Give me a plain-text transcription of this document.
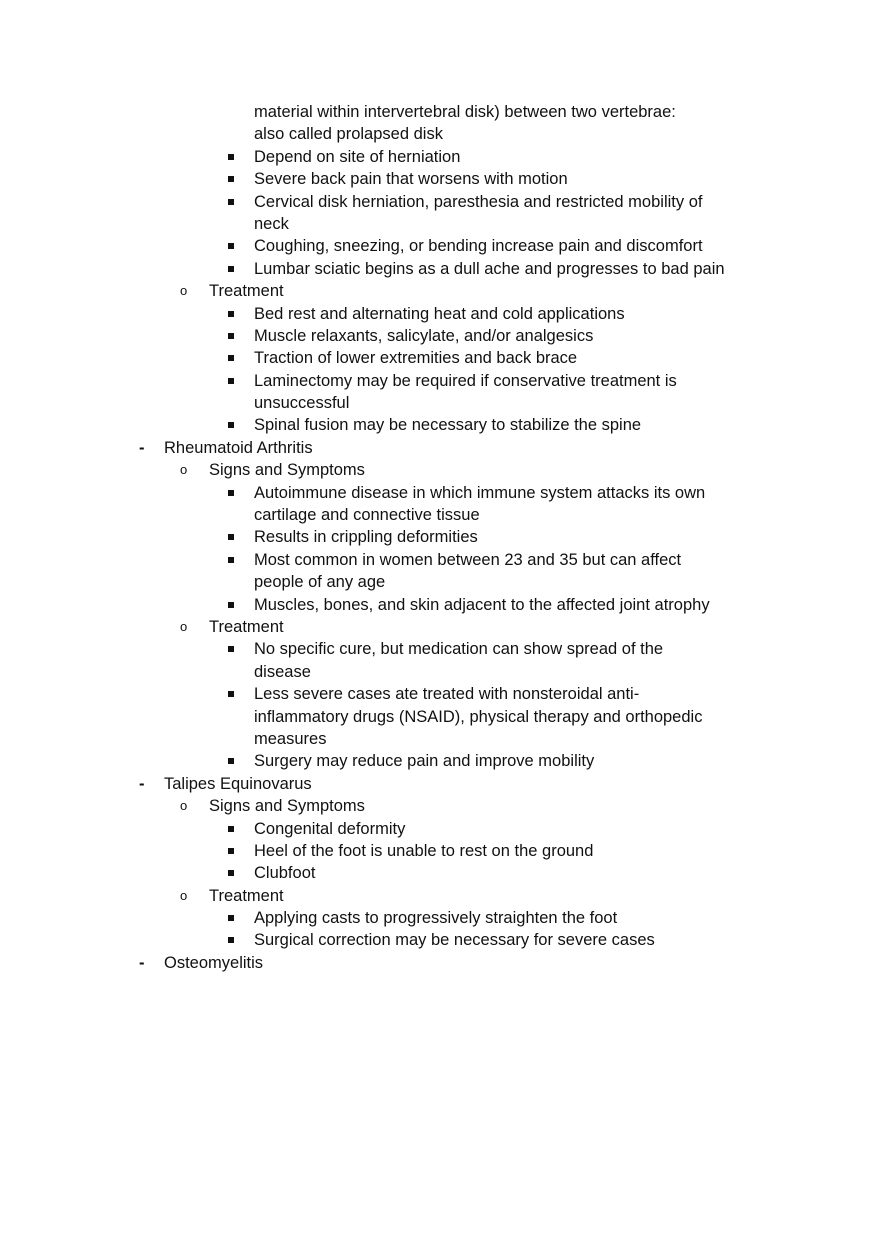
material within intervertebral disk) between two vertebrae:
also called prolapsed disk
Depend on site of herniation
Severe back pain that worsens with motion
Cervical disk herniation, paresthesia and restricted mobility of
neck
Coughing, sneezing, or bending increase pain and discomfort
Lumbar sciatic begins as a dull ache and progresses to bad pain
o Treatment
Bed rest and alternating heat and cold applications
Muscle relaxants, salicylate, and/or analgesics
Traction of lower extremities and back brace
Laminectomy may be required if conservative treatment is
unsuccessful
Spinal fusion may be necessary to stabilize the spine
- Rheumatoid Arthritis
o Signs and Symptoms
Autoimmune disease in which immune system attacks its own
cartilage and connective tissue
Results in crippling deformities
Most common in women between 23 and 35 but can affect
people of any age
Muscles, bones, and skin adjacent to the affected joint atrophy
o Treatment
No specific cure, but medication can show spread of the
disease
Less severe cases ate treated with nonsteroidal anti-
inflammatory drugs (NSAID), physical therapy and orthopedic
measures
Surgery may reduce pain and improve mobility
- Talipes Equinovarus
o Signs and Symptoms
Congenital deformity
Heel of the foot is unable to rest on the ground
Clubfoot
o Treatment
Applying casts to progressively straighten the foot
Surgical correction may be necessary for severe cases
- Osteomyelitis
